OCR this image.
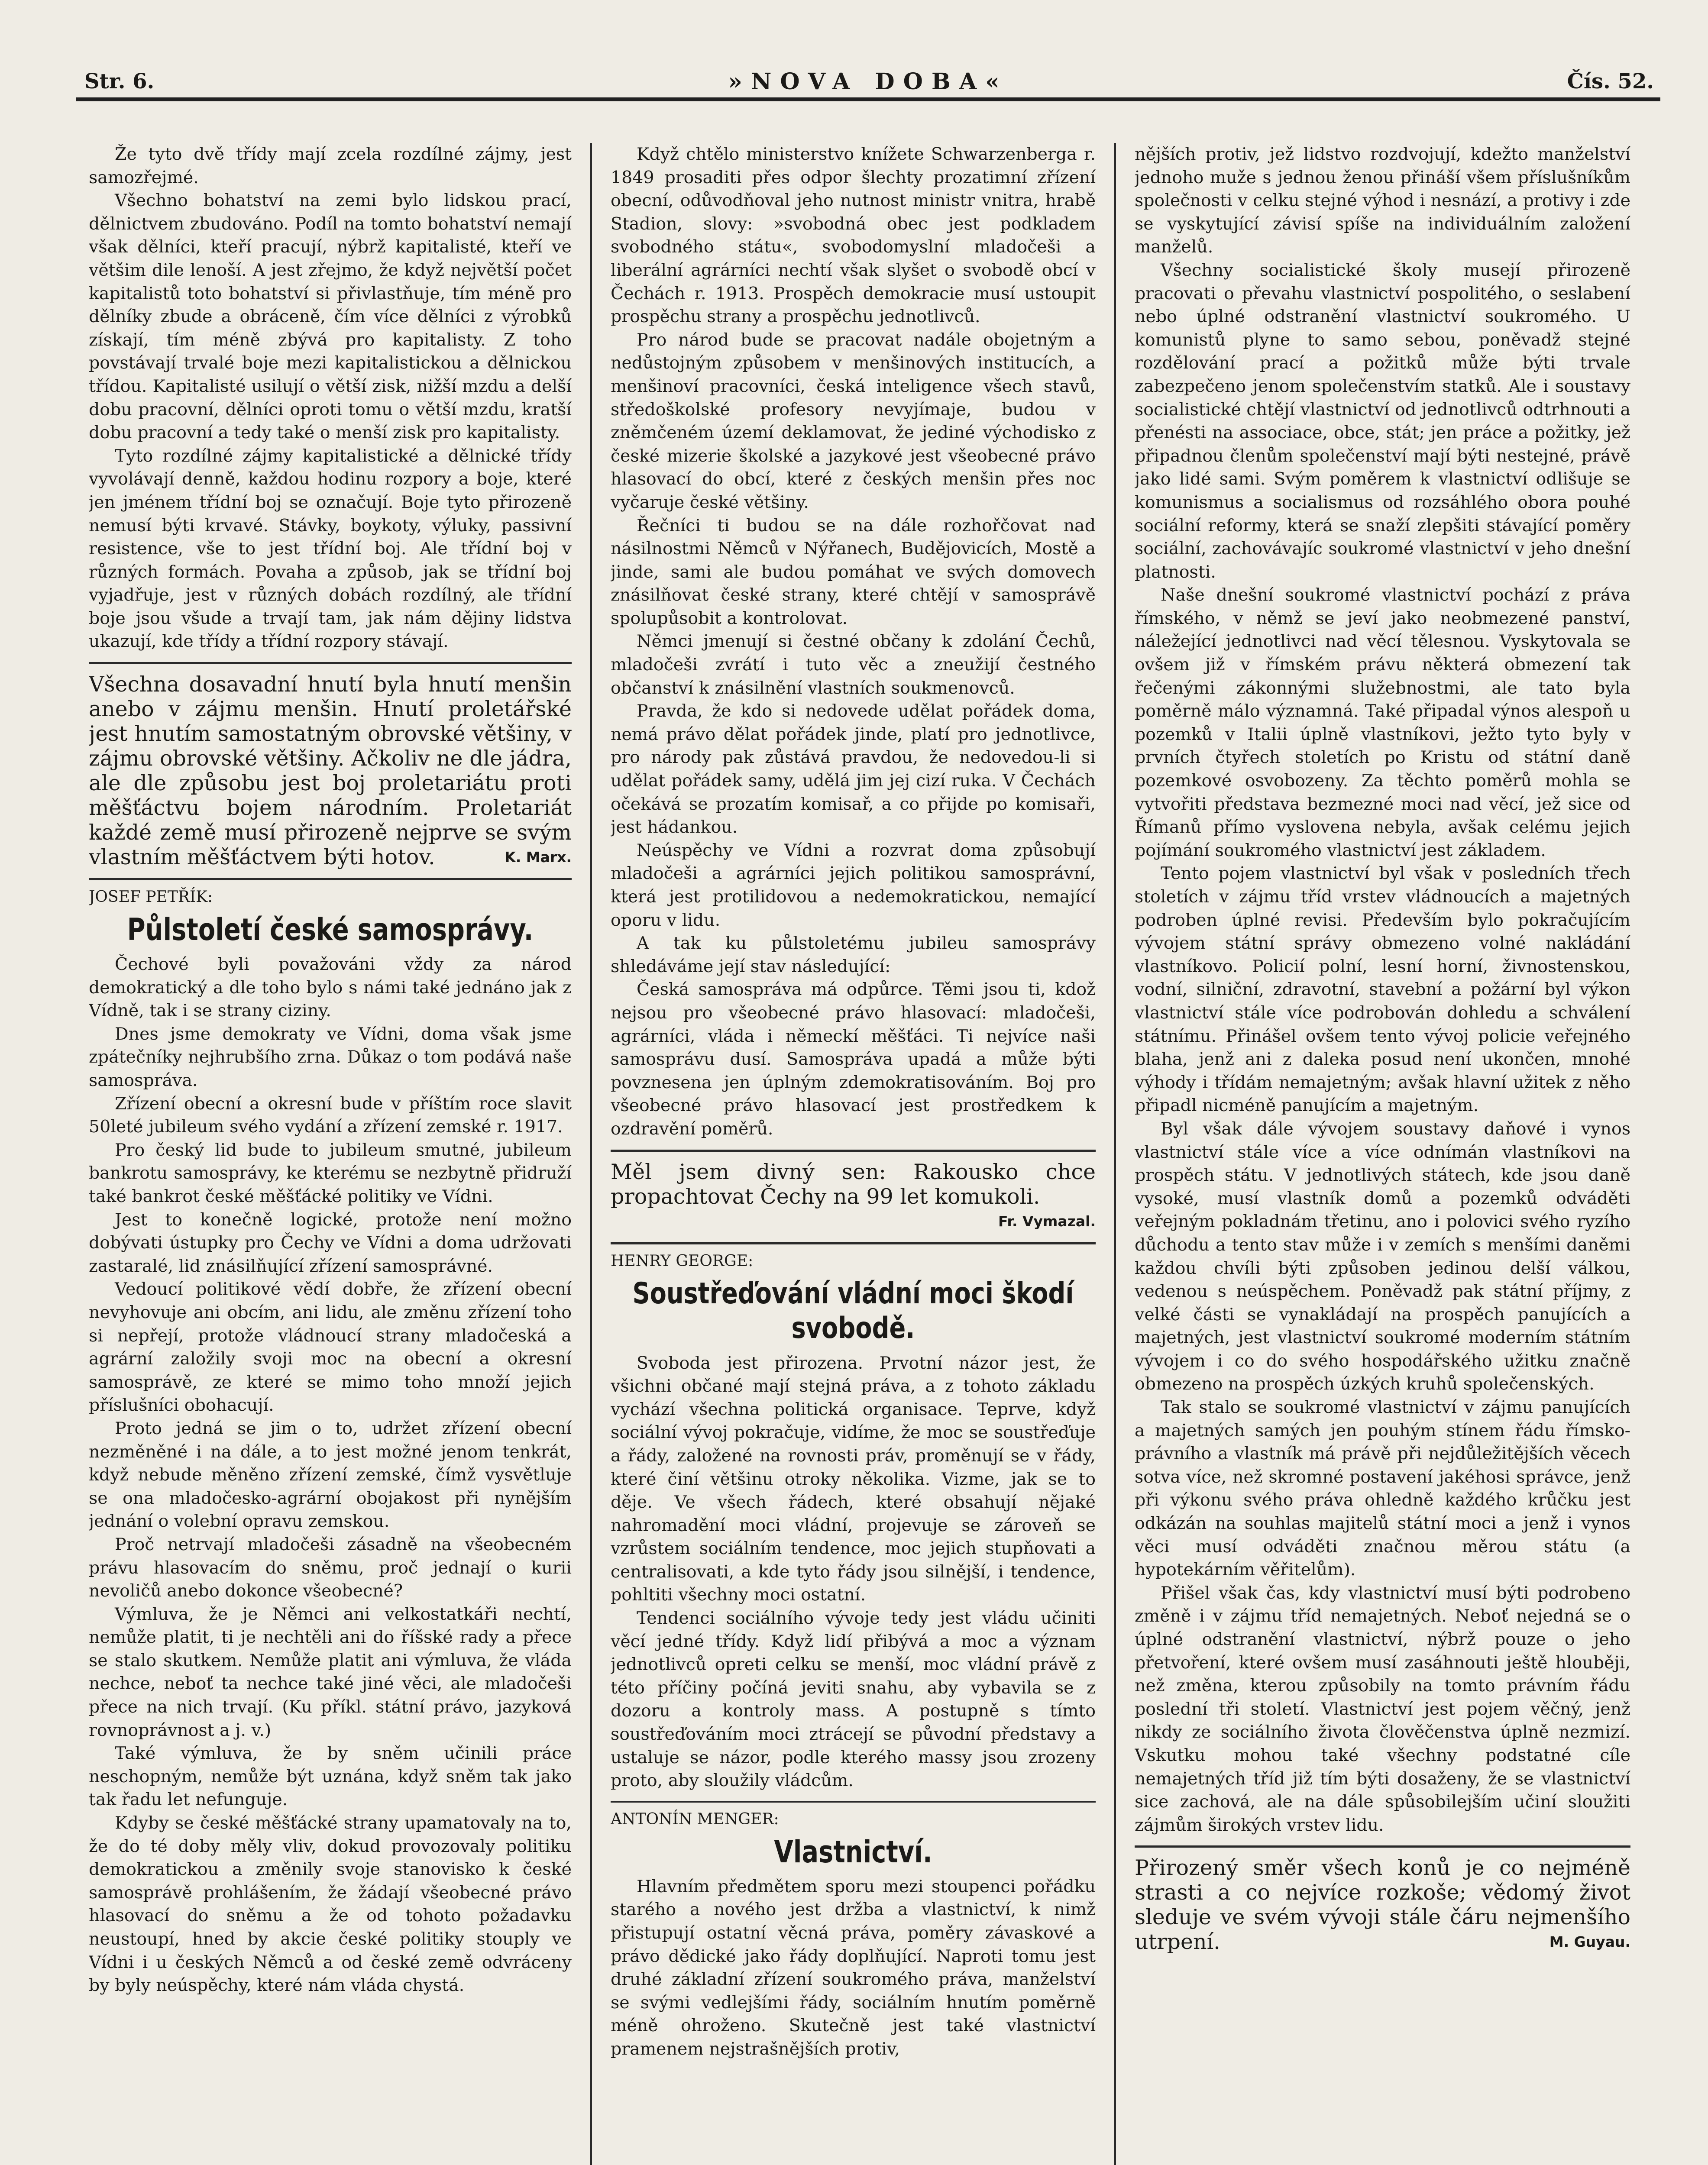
Str. 6.	»NOVA DOBA«	Čís. 52.

Že tyto dvě třídy mají zcela rozdílné zájmy, jest samozřejmé.

Všechno bohatství na zemi bylo lidskou prací, dělnictvem zbudováno. Podíl na tomto bohatství nemají však dělníci, kteří pracují, nýbrž kapitalisté, kteří ve většim dile lenoší. A jest zřejmo, že když největší počet kapitalistů toto bohatství si přivlastňuje, tím méně pro dělníky zbude a obráceně, čím více dělníci z výrobků získají, tím méně zbývá pro kapitalisty. Z toho povstávají trvalé boje mezi kapitalistickou a dělnickou třídou. Kapitalisté usilují o větší zisk, nižší mzdu a delší dobu pracovní, dělníci oproti tomu o větší mzdu, kratší dobu pracovní a tedy také o menší zisk pro kapitalisty.

Tyto rozdílné zájmy kapitalistické a dělnické třídy vyvolávají denně, každou hodinu rozpory a boje, které jen jménem třídní boj se označují. Boje tyto přirozeně nemusí býti krvavé. Stávky, boykoty, výluky, passivní resistence, vše to jest třídní boj. Ale třídní boj v různých formách. Povaha a způsob, jak se třídní boj vyjadřuje, jest v různých dobách rozdílný, ale třídní boje jsou všude a trvají tam, jak nám dějiny lidstva ukazují, kde třídy a třídní rozpory stávají.

Všechna dosavadní hnutí byla hnutí menšin anebo v zájmu menšin. Hnutí proletářské jest hnutím samostatným obrovské většiny, v zájmu obrovské většiny. Ačkoliv ne dle jádra, ale dle způsobu jest boj proletariátu proti měšťáctvu bojem národním. Proletariát každé země musí přirozeně nejprve se svým vlastním měšťáctvem býti hotov.	K. Marx.
JOSEF PETŘÍK:
Půlstoletí české samosprávy.

Čechové byli považováni vždy za národ demokratický a dle toho bylo s námi také jednáno jak z Vídně, tak i se strany ciziny.

Dnes jsme demokraty ve Vídni, doma však jsme zpátečníky nejhrubšího zrna. Důkaz o tom podává naše samospráva.

Zřízení obecní a okresní bude v příštím roce slavit 50leté jubileum svého vydání a zřízení zemské r. 1917.

Pro český lid bude to jubileum smutné, jubileum bankrotu samosprávy, ke kterému se nezbytně přidruží také bankrot české měšťácké politiky ve Vídni.

Jest to konečně logické, protože není možno dobývati ústupky pro Čechy ve Vídni a doma udržovati zastaralé, lid znásilňující zřízení samosprávné.

Vedoucí politikové vědí dobře, že zřízení obecní nevyhovuje ani obcím, ani lidu, ale změnu zřízení toho si nepřejí, protože vládnoucí strany mladočeská a agrární založily svoji moc na obecní a okresní samosprávě, ze které se mimo toho množí jejich příslušníci obohacují.

Proto jedná se jim o to, udržet zřízení obecní nezměněné i na dále, a to jest možné jenom tenkrát, když nebude měněno zřízení zemské, čímž vysvětluje se ona mladočesko-agrární obojakost při nynějším jednání o volební opravu zemskou.

Proč netrvají mladočeši zásadně na všeobecném právu hlasovacím do sněmu, proč jednají o kurii nevoličů anebo dokonce všeobecné?

Výmluva, že je Němci ani velkostatkáři nechtí, nemůže platit, ti je nechtěli ani do říšské rady a přece se stalo skutkem. Nemůže platit ani výmluva, že vláda nechce, neboť ta nechce také jiné věci, ale mladočeši přece na nich trvají. (Ku příkl. státní právo, jazyková rovnoprávnost a j. v.)

Také výmluva, že by sněm učinili práce neschopným, nemůže být uznána, když sněm tak jako tak řadu let nefunguje.

Kdyby se české měšťácké strany upamatovaly na to, že do té doby měly vliv, dokud provozovaly politiku demokratickou a změnily svoje stanovisko k české samosprávě prohlášením, že žádají všeobecné právo hlasovací do sněmu a že od tohoto požadavku neustoupí, hned by akcie české politiky stouply ve Vídni i u českých Němců a od české země odvráceny by byly neúspěchy, které nám vláda chystá.

Když chtělo ministerstvo knížete Schwarzenberga r. 1849 prosaditi přes odpor šlechty prozatimní zřízení obecní, odůvodňoval jeho nutnost ministr vnitra, hrabě Stadion, slovy: »svobodná obec jest podkladem svobodného státu«, svobodomyslní mladočeši a liberální agrárníci nechtí však slyšet o svobodě obcí v Čechách r. 1913. Prospěch demokracie musí ustoupit prospěchu strany a prospěchu jednotlivců.

Pro národ bude se pracovat nadále obojetným a nedůstojným způsobem v menšinových institucích, a menšinoví pracovníci, česká inteligence všech stavů, středoškolské profesory nevyjímaje, budou v zněmčeném území deklamovat, že jediné východisko z české mizerie školské a jazykové jest všeobecné právo hlasovací do obcí, které z českých menšin přes noc vyčaruje české většiny.

Řečníci ti budou se na dále rozhořčovat nad násilnostmi Němců v Nýřanech, Budějovicích, Mostě a jinde, sami ale budou pomáhat ve svých domovech znásilňovat české strany, které chtějí v samosprávě spolupůsobit a kontrolovat.

Němci jmenují si čestné občany k zdolání Čechů, mladočeši zvrátí i tuto věc a zneužijí čestného občanství k znásilnění vlastních soukmenovců.

Pravda, že kdo si nedovede udělat pořádek doma, nemá právo dělat pořádek jinde, platí pro jednotlivce, pro národy pak zůstává pravdou, že nedovedou-li si udělat pořádek samy, udělá jim jej cizí ruka. V Čechách očekává se prozatím komisař, a co přijde po komisaři, jest hádankou.

Neúspěchy ve Vídni a rozvrat doma způsobují mladočeši a agrárníci jejich politikou samosprávní, která jest protilidovou a nedemokratickou, nemající oporu v lidu.

A tak ku půlstoletému jubileu samosprávy shledáváme její stav následující:

Česká samospráva má odpůrce. Těmi jsou ti, kdož nejsou pro všeobecné právo hlasovací: mladočeši, agrárníci, vláda i německí měšťáci. Ti nejvíce naši samosprávu dusí. Samospráva upadá a může býti povznesena jen úplným zdemokratisováním. Boj pro všeobecné právo hlasovací jest prostředkem k ozdravění poměrů.

Měl jsem divný sen: Rakousko chce propachtovat Čechy na 99 let komukoli.
Fr. Vymazal.
HENRY GEORGE:
Soustřeďování vládní moci škodí svobodě.

Svoboda jest přirozena. Prvotní názor jest, že všichni občané mají stejná práva, a z tohoto základu vychází všechna politická organisace. Teprve, když sociální vývoj pokračuje, vidíme, že moc se soustřeďuje a řády, založené na rovnosti práv, proměnují se v řády, které činí většinu otroky několika. Vizme, jak se to děje. Ve všech řádech, které obsahují nějaké nahromadění moci vládní, projevuje se zároveň se vzrůstem sociálním tendence, moc jejich stupňovati a centralisovati, a kde tyto řády jsou silnější, i tendence, pohltiti všechny moci ostatní.

Tendenci sociálního vývoje tedy jest vládu učiniti věcí jedné třídy. Když lidí přibývá a moc a význam jednotlivců opreti celku se menší, moc vládní právě z této příčiny počíná jeviti snahu, aby vybavila se z dozoru a kontroly mass. A postupně s tímto soustřeďováním moci ztrácejí se původní představy a ustaluje se názor, podle kterého massy jsou zrozeny proto, aby sloužily vládcům.

ANTONÍN MENGER:
Vlastnictví.

Hlavním předmětem sporu mezi stoupenci pořádku starého a nového jest držba a vlastnictví, k nimž přistupují ostatní věcná práva, poměry závaskové a právo dědické jako řády doplňující. Naproti tomu jest druhé základní zřízení soukromého práva, manželství se svými vedlejšími řády, sociálním hnutím poměrně méně ohroženo. Skutečně jest také vlastnictví pramenem nejstrašnějších protiv,

nějších protiv, jež lidstvo rozdvojují, kdežto manželství jednoho muže s jednou ženou přináší všem příslušníkům společnosti v celku stejné výhod i nesnází, a protivy i zde se vyskytující závisí spíše na individuálním založení manželů.

Všechny socialistické školy musejí přirozeně pracovati o převahu vlastnictví pospolitého, o seslabení nebo úplné odstranění vlastnictví soukromého. U komunistů plyne to samo sebou, poněvadž stejné rozdělování prací a požitků může býti trvale zabezpečeno jenom společenstvím statků. Ale i soustavy socialistické chtějí vlastnictví od jednotlivců odtrhnouti a přenésti na associace, obce, stát; jen práce a požitky, jež připadnou členům společenství mají býti nestejné, právě jako lidé sami. Svým poměrem k vlastnictví odlišuje se komunismus a socialismus od rozsáhlého obora pouhé sociální reformy, která se snaží zlepšiti stávající poměry sociální, zachovávajíc soukromé vlastnictví v jeho dnešní platnosti.

Naše dnešní soukromé vlastnictví pochází z práva římského, v němž se jeví jako neobmezené panství, náležející jednotlivci nad věcí tělesnou. Vyskytovala se ovšem již v římském právu některá obmezení tak řečenými zákonnými služebnostmi, ale tato byla poměrně málo významná. Také připadal výnos alespoň u pozemků v Italii úplně vlastníkovi, ježto tyto byly v prvních čtyřech stoletích po Kristu od státní daně pozemkové osvobozeny. Za těchto poměrů mohla se vytvořiti představa bezmezné moci nad věcí, jež sice od Římanů přímo vyslovena nebyla, avšak celému jejich pojímání soukromého vlastnictví jest základem.

Tento pojem vlastnictví byl však v posledních třech stoletích v zájmu tříd vrstev vládnoucích a majetných podroben úplné revisi. Především bylo pokračujícím vývojem státní správy obmezeno volné nakládání vlastníkovo. Policií polní, lesní horní, živnostenskou, vodní, silniční, zdravotní, stavební a požární byl výkon vlastnictví stále více podrobován dohledu a schválení státnímu. Přinášel ovšem tento vývoj policie veřejného blaha, jenž ani z daleka posud není ukončen, mnohé výhody i třídám nemajetným; avšak hlavní užitek z něho připadl nicméně panujícím a majetným.

Byl však dále vývojem soustavy daňové i vynos vlastnictví stále více a více odnímán vlastníkovi na prospěch státu. V jednotlivých státech, kde jsou daně vysoké, musí vlastník domů a pozemků odváděti veřejným pokladnám třetinu, ano i polovici svého ryzího důchodu a tento stav může i v zemích s menšími daněmi každou chvíli býti způsoben jedinou delší válkou, vedenou s neúspěchem. Poněvadž pak státní příjmy, z velké části se vynakládají na prospěch panujících a majetných, jest vlastnictví soukromé moderním státním vývojem i co do svého hospodářského užitku značně obmezeno na prospěch úzkých kruhů společenských.

Tak stalo se soukromé vlastnictví v zájmu panujících a majetných samých jen pouhým stínem řádu římsko-právního a vlastník má právě při nejdůležitějších věcech sotva více, než skromné postavení jakéhosi správce, jenž při výkonu svého práva ohledně každého krůčku jest odkázán na souhlas majitelů státní moci a jenž i vynos věci musí odváděti značnou měrou státu (a hypotekárním věřitelům).

Přišel však čas, kdy vlastnictví musí býti podrobeno změně i v zájmu tříd nemajetných. Neboť nejedná se o úplné odstranění vlastnictví, nýbrž pouze o jeho přetvoření, které ovšem musí zasáhnouti ještě hlouběji, než změna, kterou způsobily na tomto právním řádu poslední tři století. Vlastnictví jest pojem věčný, jenž nikdy ze sociálního života člověčenstva úplně nezmizí. Vskutku mohou také všechny podstatné cíle nemajetných tříd již tím býti dosaženy, že se vlastnictví sice zachová, ale na dále spůsobilejším učiní sloužiti zájmům širokých vrstev lidu.

Přirozený směr všech konů je co nejméně strasti a co nejvíce rozkoše; vědomý život sleduje ve svém vývoji stále čáru nejmenšího utrpení.	M. Guyau.
